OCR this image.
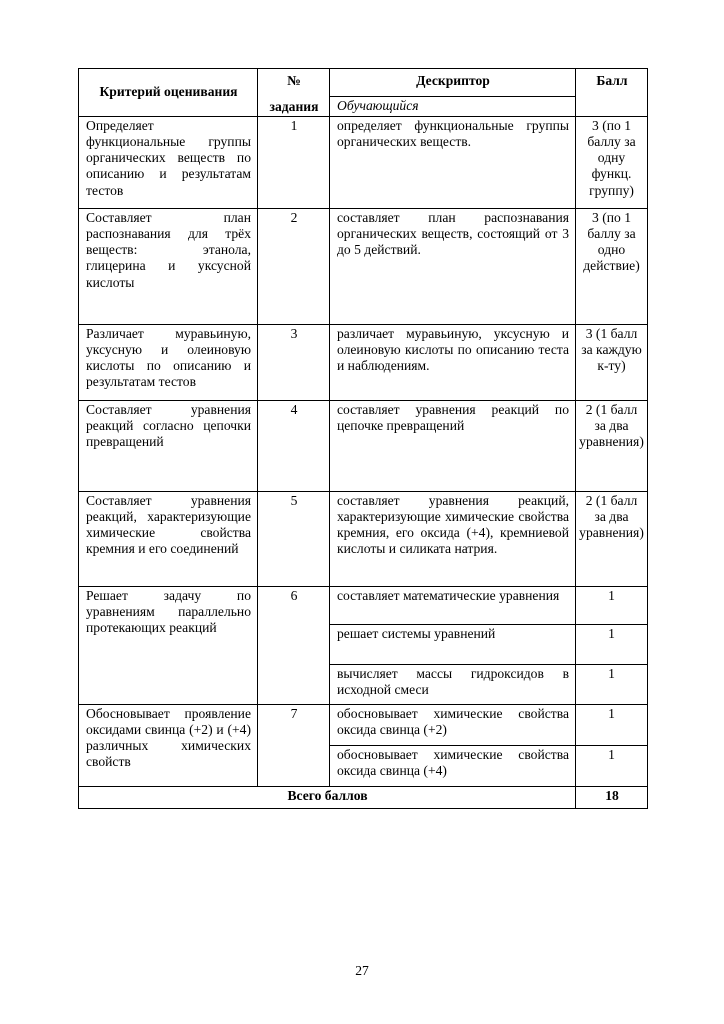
Критерий оценивания	№	Дескриптор	Балл
	задания	Обучающийся	
Определяет функциональные группы органических веществ по описанию и результатам тестов	1	определяет функциональные группы органических веществ.	3 (по 1 баллу за одну функц. группу)
Составляет план распознавания для трёх веществ: этанола, глицерина и уксусной кислоты	2	составляет план распознавания органических веществ, состоящий от 3 до 5 действий.	3 (по 1 баллу за одно действие)
Различает муравьиную, уксусную и олеиновую кислоты по описанию и результатам тестов	3	различает муравьиную, уксусную и олеиновую кислоты по описанию теста и наблюдениям.	3 (1 балл за каждую к-ту)
Составляет уравнения реакций согласно цепочки превращений	4	составляет уравнения реакций по цепочке превращений	2 (1 балл за два уравнения)
Составляет уравнения реакций, характеризующие химические свойства кремния и его соединений	5	составляет уравнения реакций, характеризующие химические свойства кремния, его оксида (+4), кремниевой кислоты и силиката натрия.	2 (1 балл за два уравнения)
Решает задачу по уравнениям параллельно протекающих реакций	6	составляет математические уравнения	1
		решает системы уравнений	1
		вычисляет массы гидроксидов в исходной смеси	1
Обосновывает проявление оксидами свинца (+2) и (+4) различных химических свойств	7	обосновывает химические свойства оксида свинца (+2)	1
		обосновывает химические свойства оксида свинца (+4)	1
Всего баллов			18
27
